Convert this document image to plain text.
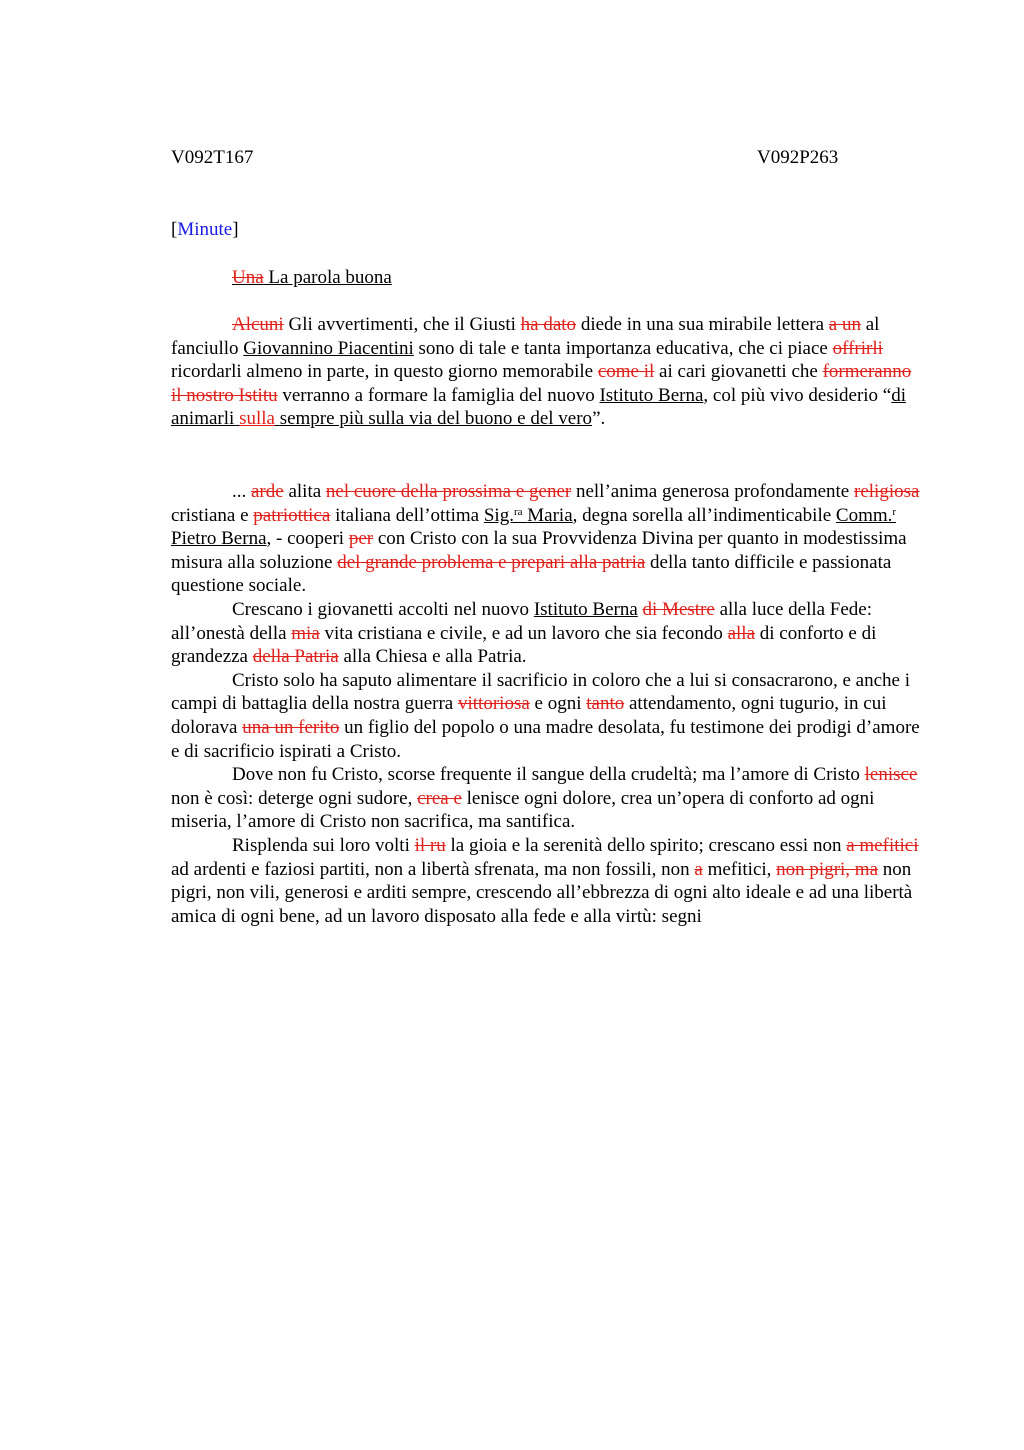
V092T167	V092P263
[Minute]
Una La parola buona

Alcuni Gli avvertimenti, che il Giusti ha dato diede in una sua mirabile lettera a un al fanciullo Giovannino Piacentini sono di tale e tanta importanza educativa, che ci piace offrirli ricordarli almeno in parte, in questo giorno memorabile come il ai cari giovanetti che formeranno il nostro Istitu verranno a formare la famiglia del nuovo Istituto Berna, col più vivo desiderio “di animarli sulla sempre più sulla via del buono e del vero”.

... arde alita nel cuore della prossima e gener nell’anima generosa profondamente religiosa cristiana e patriottica italiana dell’ottima Sig.$^{ra}$ Maria, degna sorella all’indimenticabile Comm.$^r$ Pietro Berna, - cooperi per con Cristo con la sua Provvidenza Divina per quanto in modestissima misura alla soluzione del grande problema e prepari alla patria della tanto difficile e passionata questione sociale.

Crescano i giovanetti accolti nel nuovo Istituto Berna di Mestre alla luce della Fede: all’onestà della mia vita cristiana e civile, e ad un lavoro che sia fecondo alla di conforto e di grandezza della Patria alla Chiesa e alla Patria.

Cristo solo ha saputo alimentare il sacrificio in coloro che a lui si consacrarono, e anche i campi di battaglia della nostra guerra vittoriosa e ogni tanto attendamento, ogni tugurio, in cui dolorava una un ferito un figlio del popolo o una madre desolata, fu testimone dei prodigi d’amore e di sacrificio ispirati a Cristo.

Dove non fu Cristo, scorse frequente il sangue della crudeltà; ma l’amore di Cristo lenisce non è così: deterge ogni sudore, crea e lenisce ogni dolore, crea un’opera di conforto ad ogni miseria, l’amore di Cristo non sacrifica, ma santifica.

Risplenda sui loro volti il ru la gioia e la serenità dello spirito; crescano essi non a mefitici ad ardenti e faziosi partiti, non a libertà sfrenata, ma non fossili, non a mefitici, non pigri, ma non pigri, non vili, generosi e arditi sempre, crescendo all’ebbrezza di ogni alto ideale e ad una libertà amica di ogni bene, ad un lavoro disposato alla fede e alla virtù: segni
